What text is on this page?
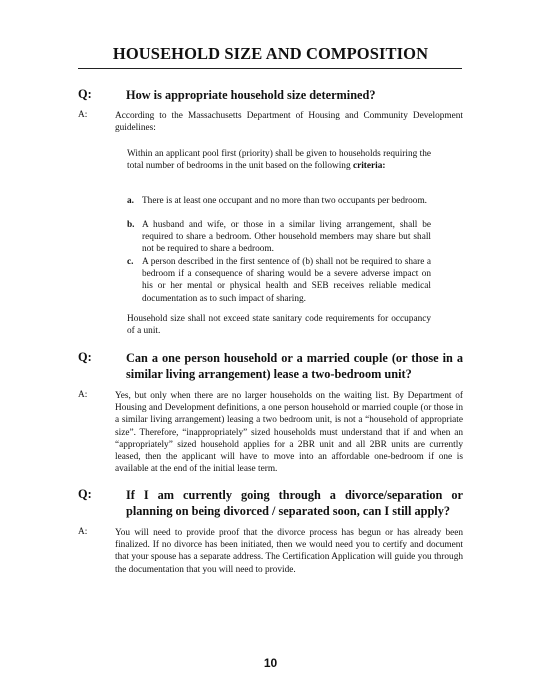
HOUSEHOLD SIZE AND COMPOSITION
Q:	How is appropriate household size determined?
A:	According to the Massachusetts Department of Housing and Community Development guidelines:
Within an applicant pool first (priority) shall be given to households requiring the total number of bedrooms in the unit based on the following criteria:
a. There is at least one occupant and no more than two occupants per bedroom.
b. A husband and wife, or those in a similar living arrangement, shall be required to share a bedroom. Other household members may share but shall not be required to share a bedroom.
c. A person described in the first sentence of (b) shall not be required to share a bedroom if a consequence of sharing would be a severe adverse impact on his or her mental or physical health and SEB receives reliable medical documentation as to such impact of sharing.
Household size shall not exceed state sanitary code requirements for occupancy of a unit.
Q:	Can a one person household or a married couple (or those in a similar living arrangement) lease a two-bedroom unit?
A:	Yes, but only when there are no larger households on the waiting list. By Department of Housing and Development definitions, a one person household or married couple (or those in a similar living arrangement) leasing a two bedroom unit, is not a “household of appropriate size”. Therefore, “inappropriately” sized households must understand that if and when an “appropriately” sized household applies for a 2BR unit and all 2BR units are currently leased, then the applicant will have to move into an affordable one-bedroom if one is available at the end of the initial lease term.
Q:	If I am currently going through a divorce/separation or planning on being divorced / separated soon, can I still apply?
A:	You will need to provide proof that the divorce process has begun or has already been finalized. If no divorce has been initiated, then we would need you to certify and document that your spouse has a separate address. The Certification Application will guide you through the documentation that you will need to provide.
10
